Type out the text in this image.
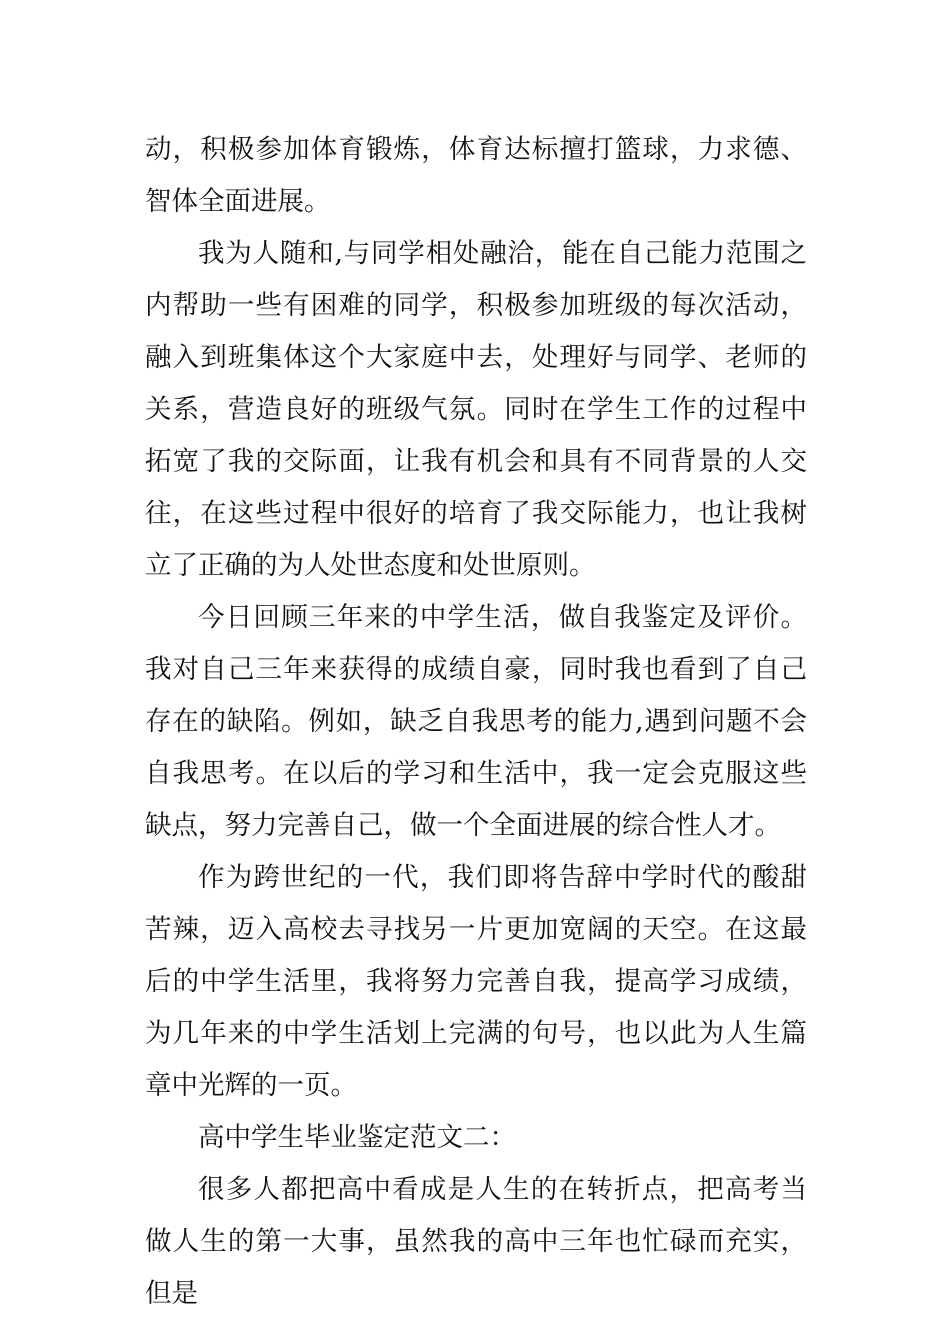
动，积极参加体育锻炼，体育达标擅打篮球，力求德、智体全面进展。

我为人随和,与同学相处融洽，能在自己能力范围之内帮助一些有困难的同学，积极参加班级的每次活动，融入到班集体这个大家庭中去，处理好与同学、老师的关系，营造良好的班级气氛。同时在学生工作的过程中拓宽了我的交际面，让我有机会和具有不同背景的人交往，在这些过程中很好的培育了我交际能力，也让我树立了正确的为人处世态度和处世原则。

今日回顾三年来的中学生活，做自我鉴定及评价。我对自己三年来获得的成绩自豪，同时我也看到了自己存在的缺陷。例如，缺乏自我思考的能力,遇到问题不会自我思考。在以后的学习和生活中，我一定会克服这些缺点，努力完善自己，做一个全面进展的综合性人才。

作为跨世纪的一代，我们即将告辞中学时代的酸甜苦辣，迈入高校去寻找另一片更加宽阔的天空。在这最后的中学生活里，我将努力完善自我，提高学习成绩，为几年来的中学生活划上完满的句号，也以此为人生篇章中光辉的一页。

高中学生毕业鉴定范文二：

很多人都把高中看成是人生的在转折点，把高考当做人生的第一大事，虽然我的高中三年也忙碌而充实，但是
